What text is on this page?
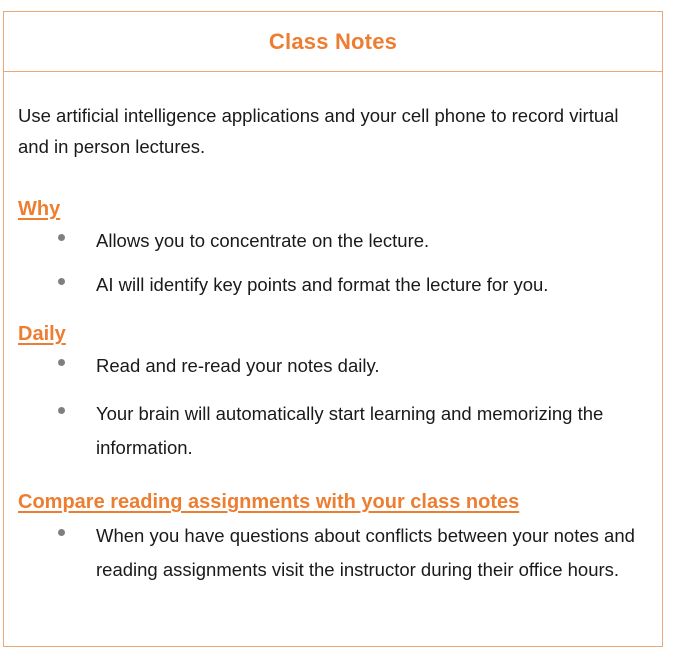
Class Notes

Use artificial intelligence applications and your cell phone to record virtual and in person lectures.

Why
Allows you to concentrate on the lecture.
AI will identify key points and format the lecture for you.
Daily
Read and re-read your notes daily.
Your brain will automatically start learning and memorizing the information.
Compare reading assignments with your class notes
When you have questions about conflicts between your notes and reading assignments visit the instructor during their office hours.
